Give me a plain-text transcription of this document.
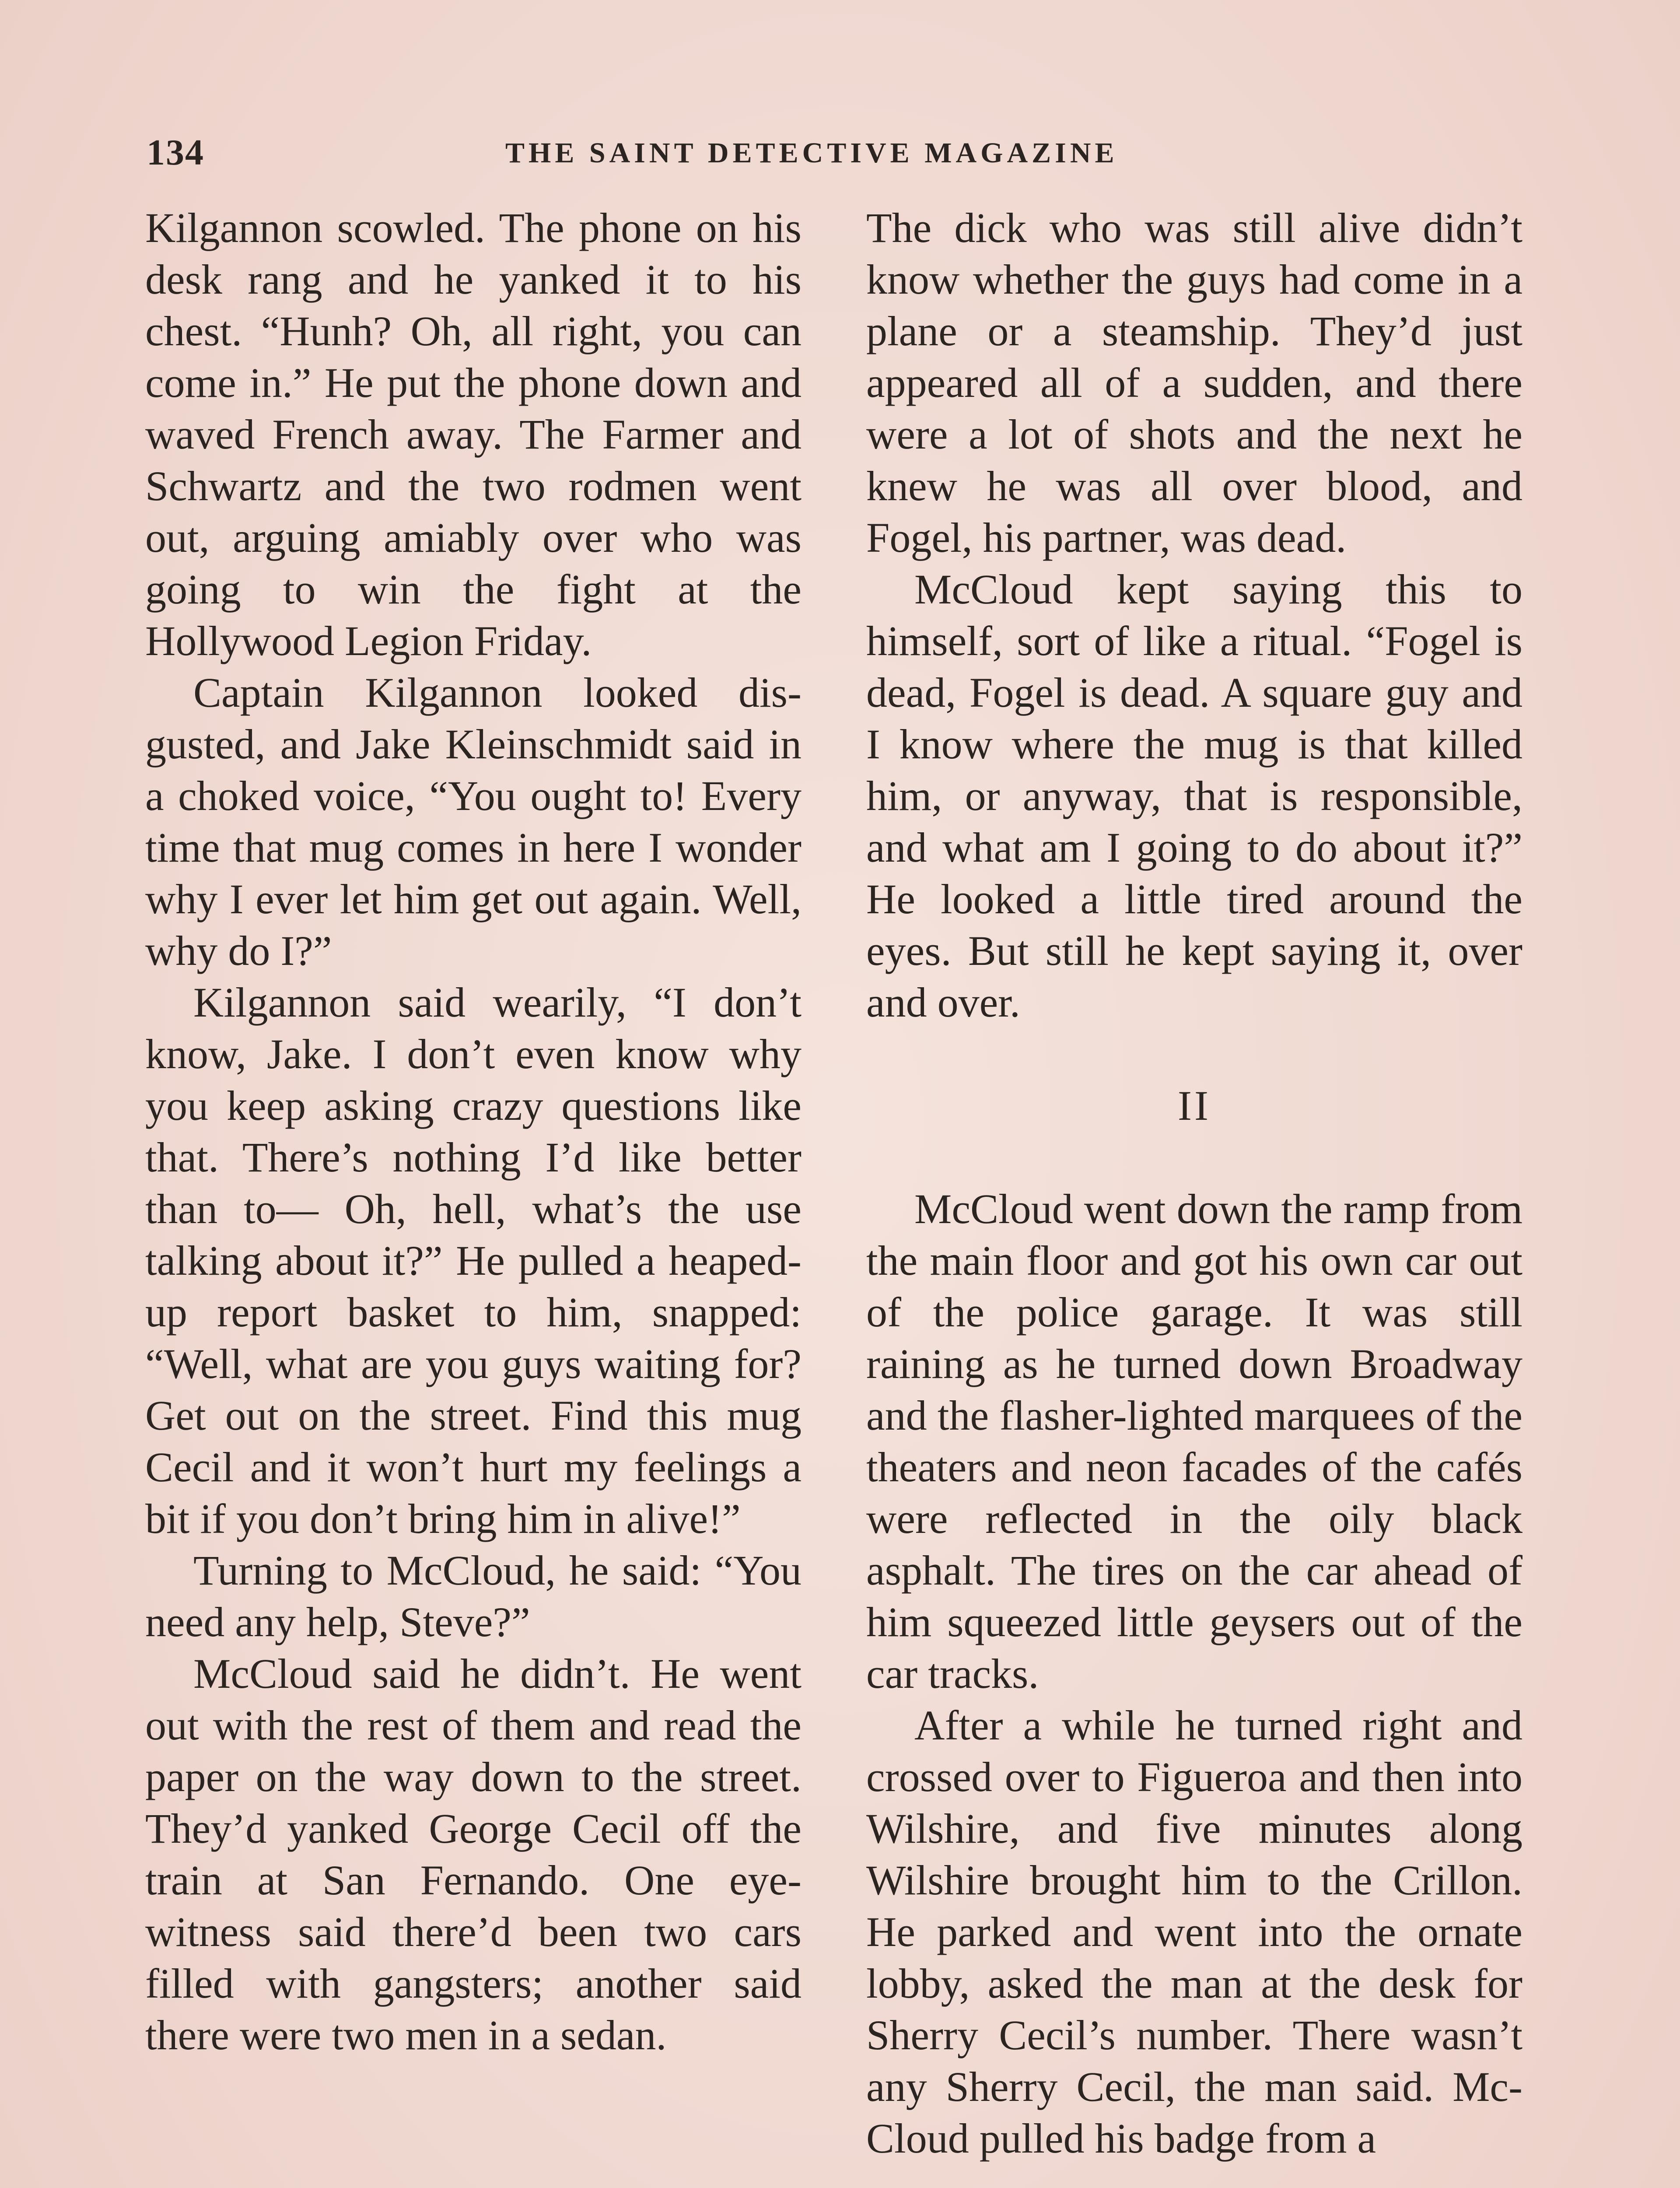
134	THE SAINT DETECTIVE MAGAZINE

Kilgannon scowled. The phone on his desk rang and he yanked it to his chest. “Hunh? Oh, all right, you can come in.” He put the phone down and waved French away. The Farmer and Schwartz and the two rodmen went out, arguing amiably over who was going to win the fight at the Hollywood Legion Friday.

Captain Kilgannon looked disgusted, and Jake Kleinschmidt said in a choked voice, “You ought to! Every time that mug comes in here I wonder why I ever let him get out again. Well, why do I?”

Kilgannon said wearily, “I don’t know, Jake. I don’t even know why you keep asking crazy questions like that. There’s nothing I’d like better than to— Oh, hell, what’s the use talking about it?” He pulled a heaped-up report basket to him, snapped: “Well, what are you guys waiting for? Get out on the street. Find this mug Cecil and it won’t hurt my feelings a bit if you don’t bring him in alive!”

Turning to McCloud, he said: “You need any help, Steve?”

McCloud said he didn’t. He went out with the rest of them and read the paper on the way down to the street. They’d yanked George Cecil off the train at San Fernando. One eye-witness said there’d been two cars filled with gangsters; another said there were two men in a sedan.

The dick who was still alive didn’t know whether the guys had come in a plane or a steamship. They’d just appeared all of a sudden, and there were a lot of shots and the next he knew he was all over blood, and Fogel, his partner, was dead.

McCloud kept saying this to himself, sort of like a ritual. “Fogel is dead, Fogel is dead. A square guy and I know where the mug is that killed him, or anyway, that is responsible, and what am I going to do about it?” He looked a little tired around the eyes. But still he kept saying it, over and over.

II

McCloud went down the ramp from the main floor and got his own car out of the police garage. It was still raining as he turned down Broadway and the flasher-lighted marquees of the theaters and neon facades of the cafés were reflected in the oily black asphalt. The tires on the car ahead of him squeezed little geysers out of the car tracks.

After a while he turned right and crossed over to Figueroa and then into Wilshire, and five minutes along Wilshire brought him to the Crillon. He parked and went into the ornate lobby, asked the man at the desk for Sherry Cecil’s number. There wasn’t any Sherry Cecil, the man said. McCloud pulled his badge from a
